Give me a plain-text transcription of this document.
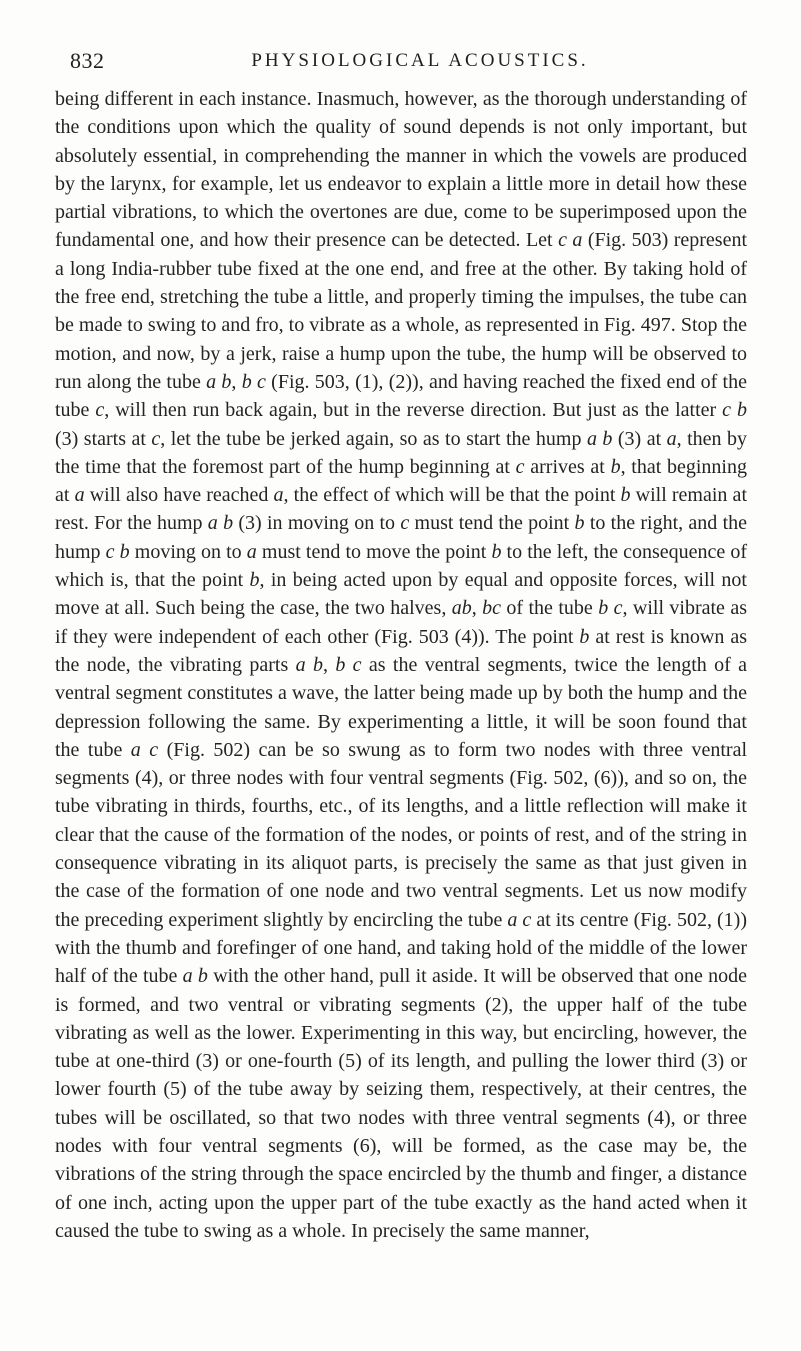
832	PHYSIOLOGICAL ACOUSTICS.

being different in each instance. Inasmuch, however, as the thorough understanding of the conditions upon which the quality of sound depends is not only important, but absolutely essential, in comprehending the manner in which the vowels are produced by the larynx, for example, let us endeavor to explain a little more in detail how these partial vibrations, to which the overtones are due, come to be superimposed upon the fundamental one, and how their presence can be detected. Let c a (Fig. 503) represent a long India-rubber tube fixed at the one end, and free at the other. By taking hold of the free end, stretching the tube a little, and properly timing the impulses, the tube can be made to swing to and fro, to vibrate as a whole, as represented in Fig. 497. Stop the motion, and now, by a jerk, raise a hump upon the tube, the hump will be observed to run along the tube a b, b c (Fig. 503, (1), (2)), and having reached the fixed end of the tube c, will then run back again, but in the reverse direction. But just as the latter c b (3) starts at c, let the tube be jerked again, so as to start the hump a b (3) at a, then by the time that the foremost part of the hump beginning at c arrives at b, that beginning at a will also have reached a, the effect of which will be that the point b will remain at rest. For the hump a b (3) in moving on to c must tend the point b to the right, and the hump c b moving on to a must tend to move the point b to the left, the consequence of which is, that the point b, in being acted upon by equal and opposite forces, will not move at all. Such being the case, the two halves, ab, bc of the tube b c, will vibrate as if they were independent of each other (Fig. 503 (4)). The point b at rest is known as the node, the vibrating parts a b, b c as the ventral segments, twice the length of a ventral segment constitutes a wave, the latter being made up by both the hump and the depression following the same. By experimenting a little, it will be soon found that the tube a c (Fig. 502) can be so swung as to form two nodes with three ventral segments (4), or three nodes with four ventral segments (Fig. 502, (6)), and so on, the tube vibrating in thirds, fourths, etc., of its lengths, and a little reflection will make it clear that the cause of the formation of the nodes, or points of rest, and of the string in consequence vibrating in its aliquot parts, is precisely the same as that just given in the case of the formation of one node and two ventral segments. Let us now modify the preceding experiment slightly by encircling the tube a c at its centre (Fig. 502, (1)) with the thumb and forefinger of one hand, and taking hold of the middle of the lower half of the tube a b with the other hand, pull it aside. It will be observed that one node is formed, and two ventral or vibrating segments (2), the upper half of the tube vibrating as well as the lower. Experimenting in this way, but encircling, however, the tube at one-third (3) or one-fourth (5) of its length, and pulling the lower third (3) or lower fourth (5) of the tube away by seizing them, respectively, at their centres, the tubes will be oscillated, so that two nodes with three ventral segments (4), or three nodes with four ventral segments (6), will be formed, as the case may be, the vibrations of the string through the space encircled by the thumb and finger, a distance of one inch, acting upon the upper part of the tube exactly as the hand acted when it caused the tube to swing as a whole. In precisely the same manner,
